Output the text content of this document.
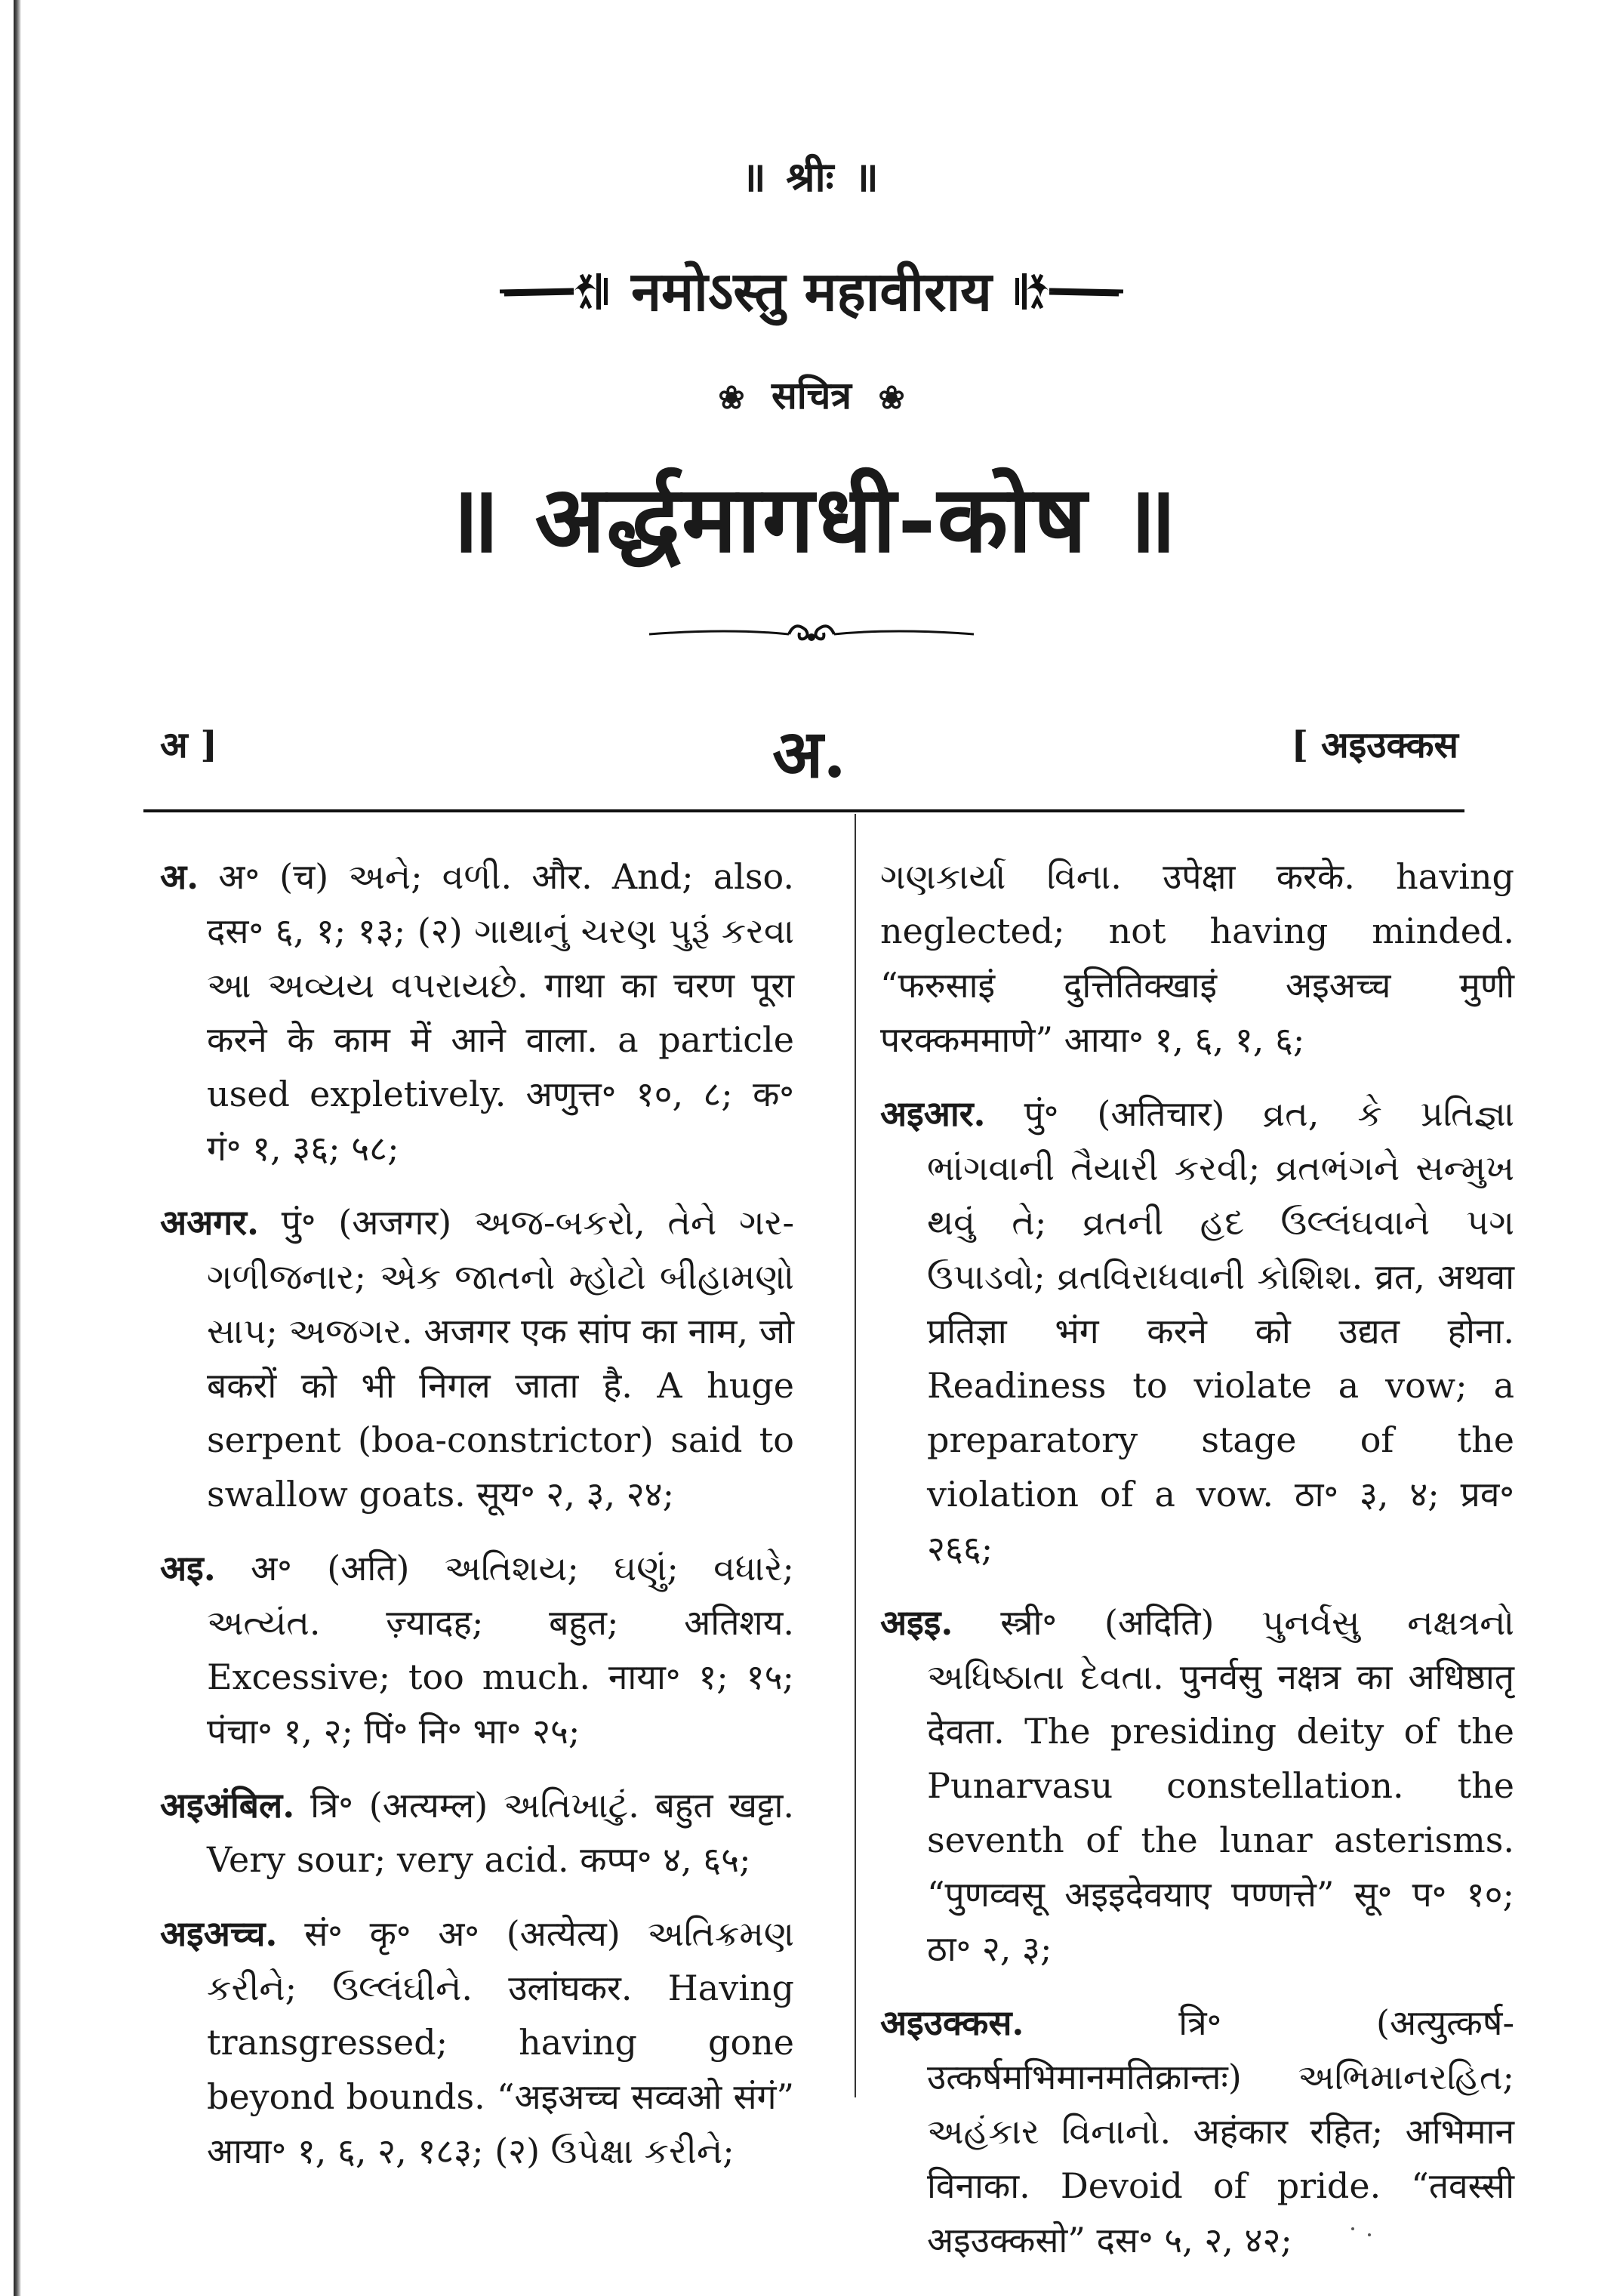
॥ श्रीः ॥
नमोऽस्तु महावीराय
❀ सचित्र ❀
॥ अर्द्धमागधी-कोष ॥
अ ]	अ.	[ अइउक्कस

अ. अ॰ (च) અને; વળી. और. And; also. दस॰ ६, १; १३; (२) ગાથાનું ચરણ પુરૂં કરવા આ અવ્યય વપરાયછે. गाथा का चरण पूरा करने के काम में आने वाला. a particle used expletively. अणुत्त॰ १०, ८; क॰ गं॰ १, ३६; ५८;

अअगर. पुं॰ (अजगर) અજ-બકરો, તેને ગર-ગળીજનાર; એક જાતનો મ્હોટો બીહામણો સાપ; અજગર. अजगर एक सांप का नाम, जो बकरों को भी निगल जाता है. A huge serpent (boa-constrictor) said to swallow goats. सूय॰ २, ३, २४;

अइ. अ॰ (अति) અતિશય; ઘણું; વધારે; અત્યંત. ज़्यादह; बहुत; अतिशय. Excessive; too much. नाया॰ १; १५; पंचा॰ १, २; पिं॰ नि॰ भा॰ २५;

अइअंबिल. त्रि॰ (अत्यम्ल) અતિખાટું. बहुत खट्टा. Very sour; very acid. कप्प॰ ४, ६५;

अइअच्च. सं॰ कृ॰ अ॰ (अत्येत्य) અતિક્રમણ કરીને; ઉલ્લંઘીને. उलांघकर. Having transgressed; having gone beyond bounds. “अइअच्च सव्वओ संगं” आया॰ १, ६, २, १८३; (२) ઉપેક્ષા કરીને;

ગણકાર્યા વિના. उपेक्षा करके. having neglected; not having minded. “फरुसाइं दुत्तितिक्खाइं अइअच्च मुणी परक्कममाणे” आया॰ १, ६, १, ६;

अइआर. पुं॰ (अतिचार) વ્રત, કે પ્રતિજ્ઞા ભાંગવાની તૈયારી કરવી; વ્રતભંગને સન્મુખ થવું તે; વ્રતની હદ ઉલ્લંઘવાને પગ ઉપાડવો; વ્રતવિરાધવાની કોશિશ. व्रत, अथवा प्रतिज्ञा भंग करने को उद्यत होना. Readiness to violate a vow; a preparatory stage of the violation of a vow. ठा॰ ३, ४; प्रव॰ २६६;

अइइ. स्त्री॰ (अदिति) પુનર્વસુ નક્ષત્રનો અધિષ્ઠાતા દેવતા. पुनर्वसु नक्षत्र का अधिष्ठातृ देवता. The presiding deity of the Punarvasu constellation. the seventh of the lunar asterisms. “पुणव्वसू अइइदेवयाए पण्णत्ते” सू॰ प॰ १०; ठा॰ २, ३;

अइउक्कस.	त्रि॰ (अत्युत्कर्ष-उत्कर्षमभिमानमतिक्रान्तः) અભિમાનરહિત; અહંકાર વિનાનો. अहंकार रहित; अभिमान विनाका. Devoid of pride. “तवस्सी अइउक्कसो” दस॰ ५, २, ४२;
